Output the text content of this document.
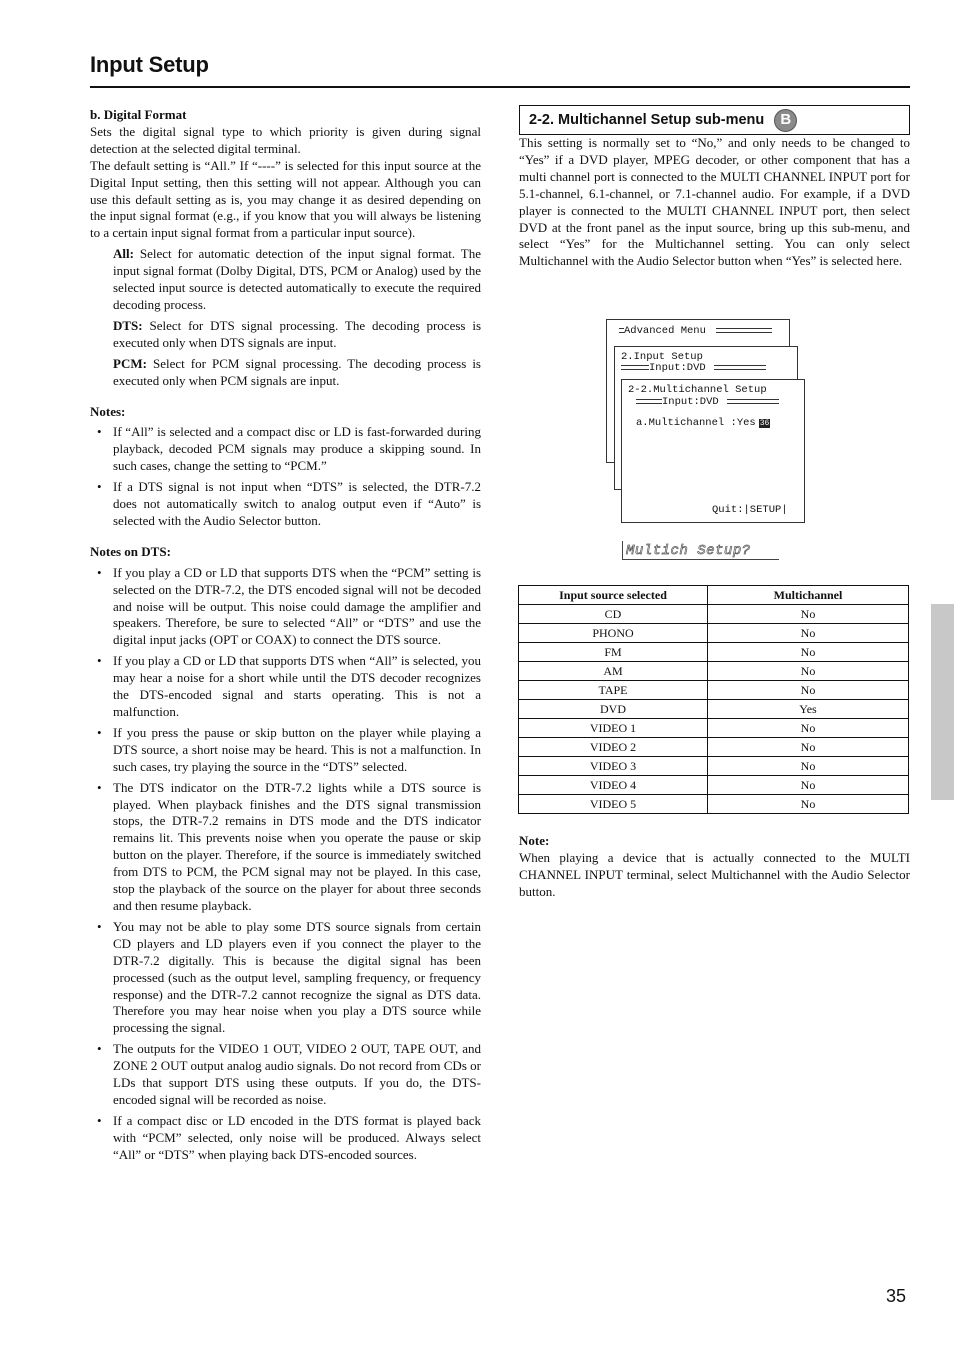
Input Setup

b. Digital Format

Sets the digital signal type to which priority is given during signal detection at the selected digital terminal.

The default setting is “All.” If “----” is selected for this input source at the Digital Input setting, then this setting will not appear. Although you can use this default setting as is, you may change it as desired depending on the input signal format (e.g., if you know that you will always be listening to a certain input signal format from a particular input source).

All: Select for automatic detection of the input signal format. The input signal format (Dolby Digital, DTS, PCM or Analog) used by the selected input source is detected automatically to execute the required decoding process.

DTS: Select for DTS signal processing. The decoding process is executed only when DTS signals are input.

PCM: Select for PCM signal processing. The decoding process is executed only when PCM signals are input.

Notes:

• If “All” is selected and a compact disc or LD is fast-forwarded during playback, decoded PCM signals may produce a skipping sound. In such cases, change the setting to “PCM.”
• If a DTS signal is not input when “DTS” is selected, the DTR-7.2 does not automatically switch to analog output even if “Auto” is selected with the Audio Selector button.

Notes on DTS:

• If you play a CD or LD that supports DTS when the “PCM” setting is selected on the DTR-7.2, the DTS encoded signal will not be decoded and noise will be output. This noise could damage the amplifier and speakers. Therefore, be sure to selected “All” or “DTS” and use the digital input jacks (OPT or COAX) to connect the DTS source.
• If you play a CD or LD that supports DTS when “All” is selected, you may hear a noise for a short while until the DTS decoder recognizes the DTS-encoded signal and starts operating. This is not a malfunction.
• If you press the pause or skip button on the player while playing a DTS source, a short noise may be heard. This is not a malfunction. In such cases, try playing the source in the “DTS” selected.
• The DTS indicator on the DTR-7.2 lights while a DTS source is played. When playback finishes and the DTS signal transmission stops, the DTR-7.2 remains in DTS mode and the DTS indicator remains lit. This prevents noise when you operate the pause or skip button on the player. Therefore, if the source is immediately switched from DTS to PCM, the PCM signal may not be played. In this case, stop the playback of the source on the player for about three seconds and then resume playback.
• You may not be able to play some DTS source signals from certain CD players and LD players even if you connect the player to the DTR-7.2 digitally. This is because the digital signal has been processed (such as the output level, sampling frequency, or frequency response) and the DTR-7.2 cannot recognize the signal as DTS data. Therefore you may hear noise when you play a DTS source while processing the signal.
• The outputs for the VIDEO 1 OUT, VIDEO 2 OUT, TAPE OUT, and ZONE 2 OUT output analog audio signals. Do not record from CDs or LDs that support DTS using these outputs. If you do, the DTS-encoded signal will be recorded as noise.
• If a compact disc or LD encoded in the DTS format is played back with “PCM” selected, only noise will be produced. Always select “All” or “DTS” when playing back DTS-encoded sources.
2-2. Multichannel Setup sub-menu	B

This setting is normally set to “No,” and only needs to be changed to “Yes” if a DVD player, MPEG decoder, or other component that has a multi channel port is connected to the MULTI CHANNEL INPUT port for 5.1-channel, 6.1-channel, or 7.1-channel audio. For example, if a DVD player is connected to the MULTI CHANNEL INPUT port, then select DVD at the front panel as the input source, bring up this sub-menu, and select “Yes” for the Multichannel setting. You can only select Multichannel with the Audio Selector button when “Yes” is selected here.

Advanced Menu
2.Input Setup
Input:DVD
2-2.Multichannel Setup
Input:DVD
a.Multichannel :Yes 36
Quit:|SETUP|
Multich Setup?
Input source selected	Multichannel
CD	No
PHONO	No
FM	No
AM	No
TAPE	No
DVD	Yes
VIDEO 1	No
VIDEO 2	No
VIDEO 3	No
VIDEO 4	No
VIDEO 5	No

Note:

When playing a device that is actually connected to the MULTI CHANNEL INPUT terminal, select Multichannel with the Audio Selector button.

35
